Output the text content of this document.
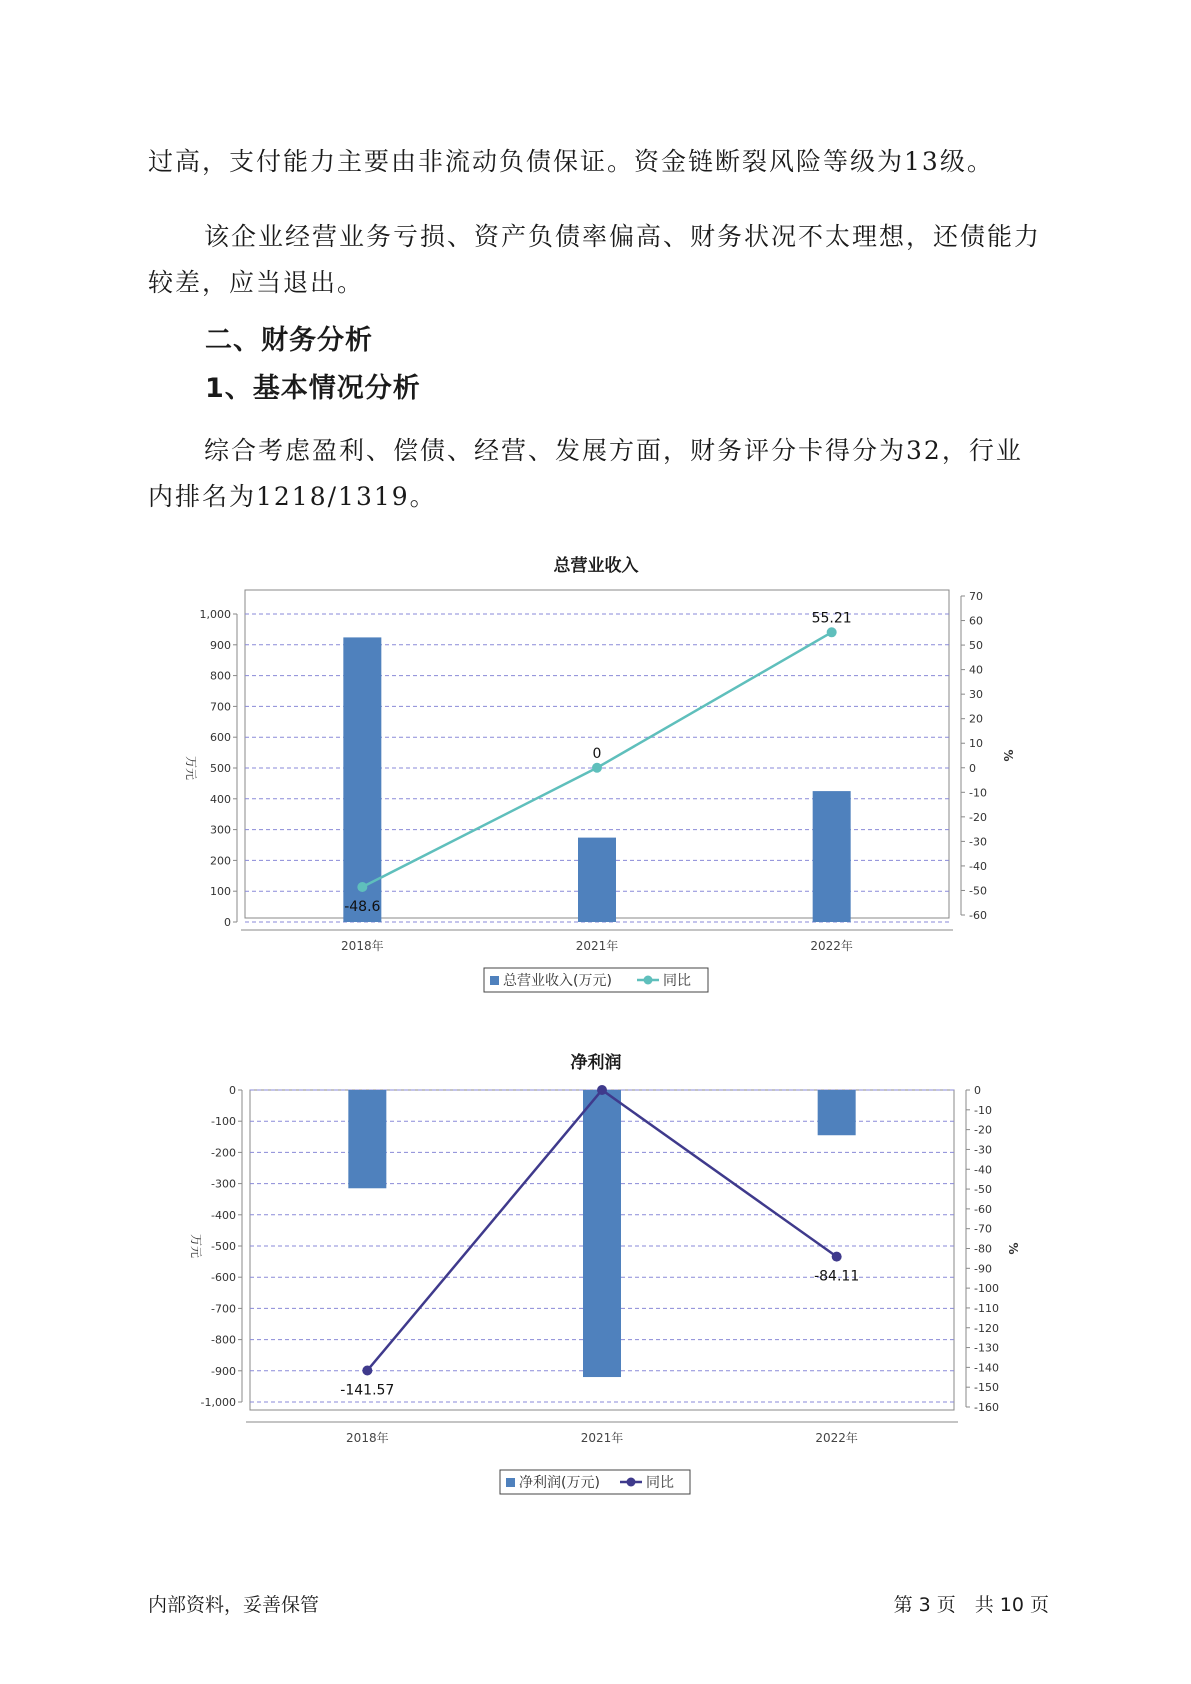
过高，支付能力主要由非流动负债保证。资金链断裂风险等级为13级。

该企业经营业务亏损、资产负债率偏高、财务状况不太理想，还债能力较差，应当退出。

二、财务分析

1、基本情况分析

综合考虑盈利、偿债、经营、发展方面，财务评分卡得分为32，行业内排名为1218/1319。

总营业收入
0
100
200
300
400
500
600
700
800
900
1,000
-60
-50
-40
-30
-20
-10
0
10
20
30
40
50
60
70
万元
%
-48.6
0
55.21
2018年	2021年	2022年
总营业收入(万元)	同比
净利润
-1,000
-900
-800
-700
-600
-500
-400
-300
-200
-100
0
-160
-150
-140
-130
-120
-110
-100
-90
-80
-70
-60
-50
-40
-30
-20
-10
0
万元	%
-141.57
-84.11
2018年	2021年	2022年
净利润(万元)	同比
内部资料，妥善保管	第 3 页　共 10 页
